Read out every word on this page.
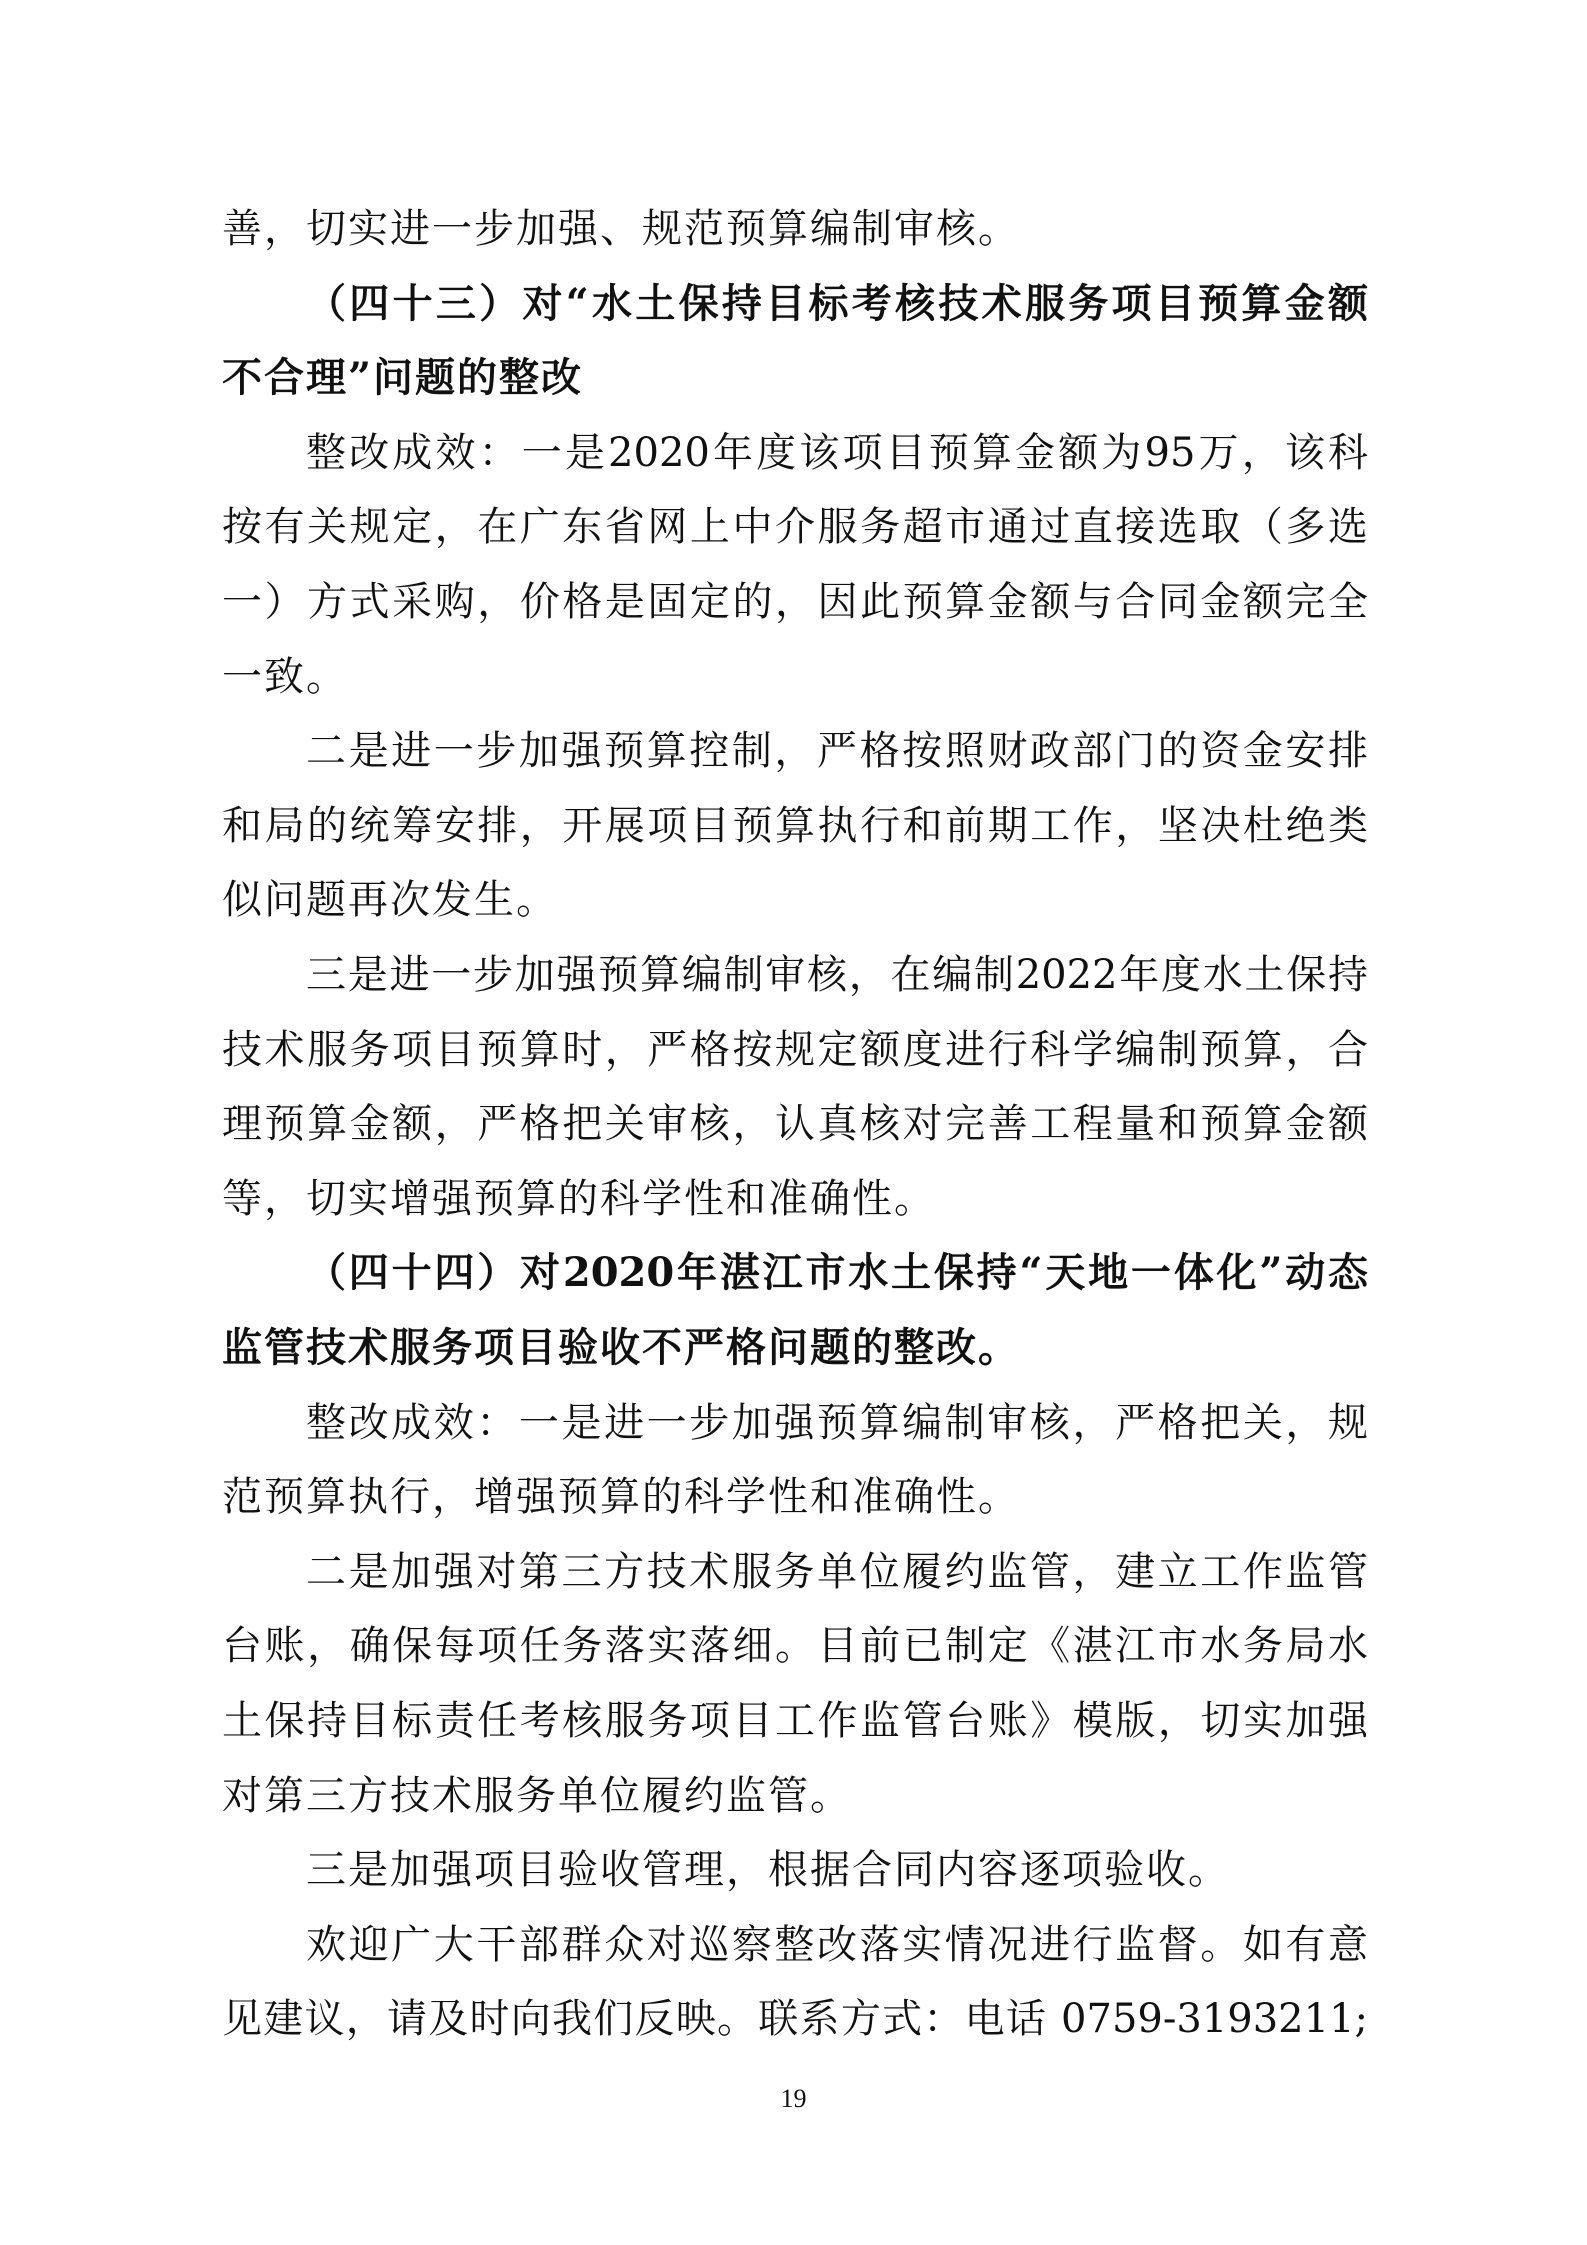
善，切实进一步加强、规范预算编制审核。
（四十三）对“水土保持目标考核技术服务项目预算金额
不合理”问题的整改
整改成效：一是2020年度该项目预算金额为95万，该科
按有关规定，在广东省网上中介服务超市通过直接选取（多选
一）方式采购，价格是固定的，因此预算金额与合同金额完全
一致。
二是进一步加强预算控制，严格按照财政部门的资金安排
和局的统筹安排，开展项目预算执行和前期工作，坚决杜绝类
似问题再次发生。
三是进一步加强预算编制审核，在编制2022年度水土保持
技术服务项目预算时，严格按规定额度进行科学编制预算，合
理预算金额，严格把关审核，认真核对完善工程量和预算金额
等，切实增强预算的科学性和准确性。
（四十四）对2020年湛江市水土保持“天地一体化”动态
监管技术服务项目验收不严格问题的整改。
整改成效：一是进一步加强预算编制审核，严格把关，规
范预算执行，增强预算的科学性和准确性。
二是加强对第三方技术服务单位履约监管，建立工作监管
台账，确保每项任务落实落细。目前已制定《湛江市水务局水
土保持目标责任考核服务项目工作监管台账》模版，切实加强
对第三方技术服务单位履约监管。
三是加强项目验收管理，根据合同内容逐项验收。
欢迎广大干部群众对巡察整改落实情况进行监督。如有意
见建议，请及时向我们反映。联系方式：电话 0759-3193211;
19
